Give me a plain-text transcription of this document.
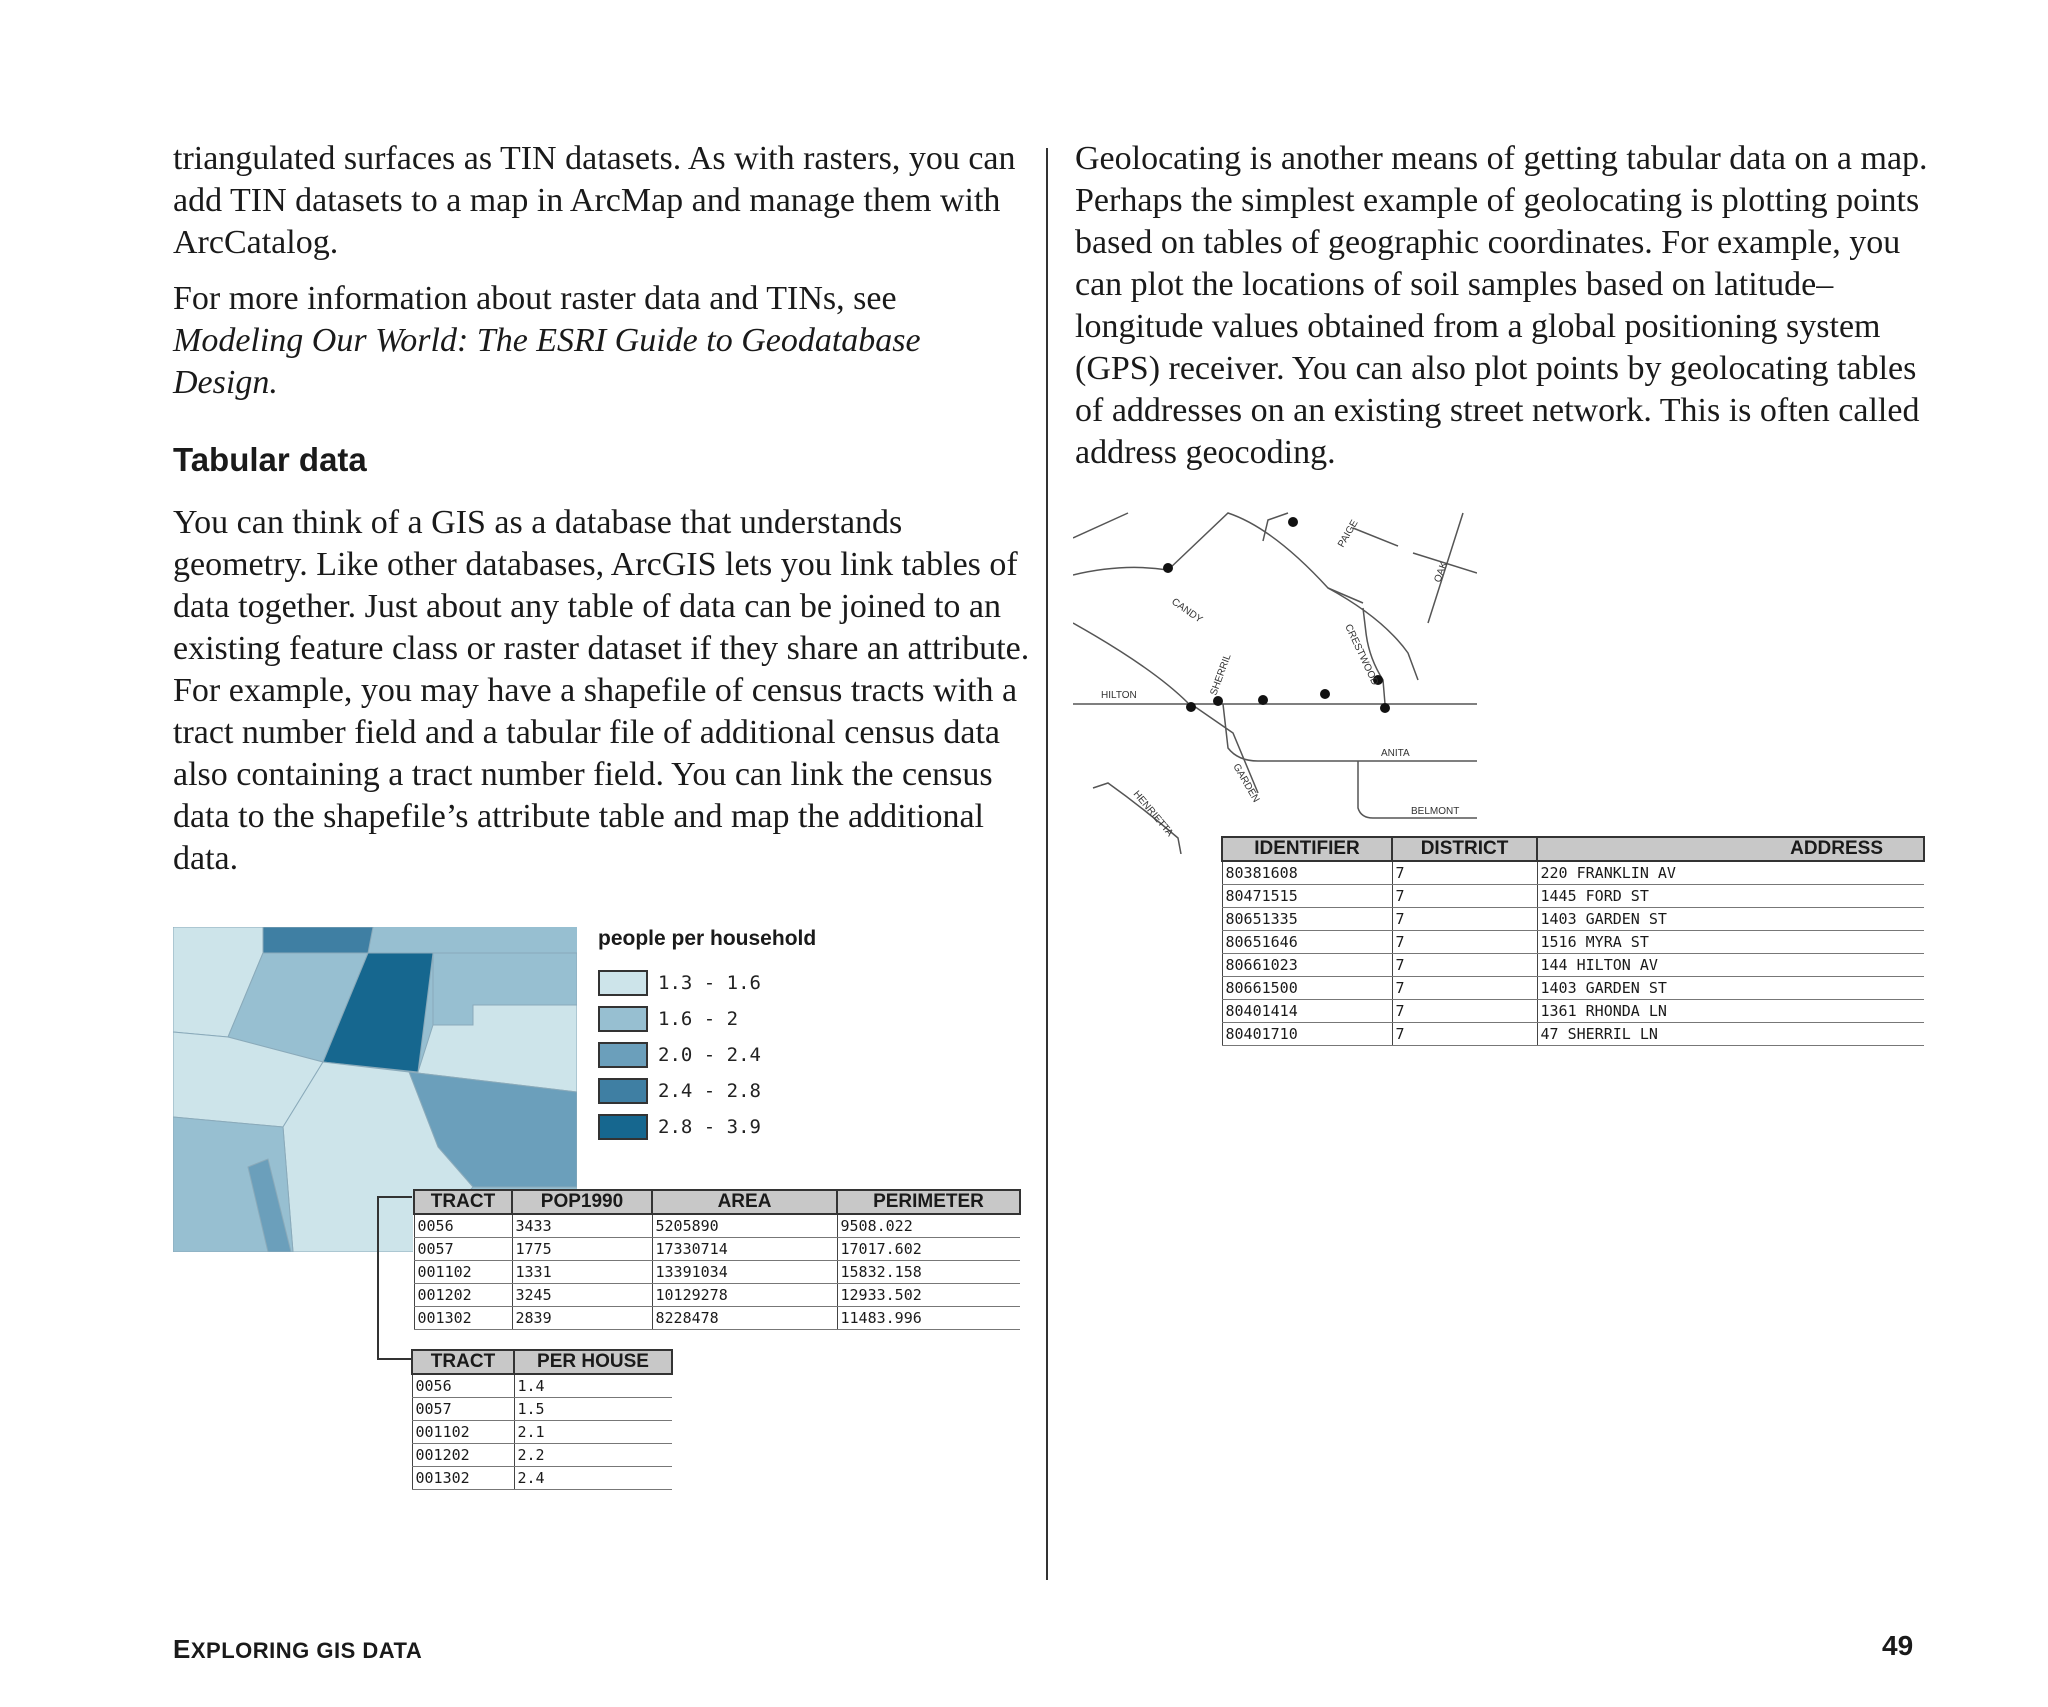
triangulated surfaces as TIN datasets. As with rasters, you can add TIN datasets to a map in ArcMap and manage them with ArcCatalog.

For more information about raster data and TINs, see Modeling Our World: The ESRI Guide to Geodatabase Design.

Tabular data

You can think of a GIS as a database that understands geometry. Like other databases, ArcGIS lets you link tables of data together. Just about any table of data can be joined to an existing feature class or raster dataset if they share an attribute. For example, you may have a shapefile of census tracts with a tract number field and a tabular file of additional census data also containing a tract number field. You can link the census data to the shapefile’s attribute table and map the additional data.

Geolocating is another means of getting tabular data on a map. Perhaps the simplest example of geolocating is plotting points based on tables of geographic coordinates. For example, you can plot the locations of soil samples based on latitude–longitude values obtained from a global positioning system (GPS) receiver. You can also plot points by geolocating tables of addresses on an existing street network. This is often called address geocoding.

people per household
1.3 - 1.6
1.6 - 2
2.0 - 2.4
2.4 - 2.8
2.8 - 3.9
TRACT	POP1990	AREA	PERIMETER
0056	3433	5205890	9508.022
0057	1775	17330714	17017.602
001102	1331	13391034	15832.158
001202	3245	10129278	12933.502
001302	2839	8228478	11483.996
TRACT	PER HOUSE
0056	1.4
0057	1.5
001102	2.1
001202	2.2
001302	2.4
PAIGE
OAK
CANDY
CRESTWOOD
SHERRIL
HILTON
ANITA
GARDEN
HENRIETTA	BELMONT
IDENTIFIER	DISTRICT	ADDRESS
80381608	7	220 FRANKLIN AV
80471515	7	1445 FORD ST
80651335	7	1403 GARDEN ST
80651646	7	1516 MYRA ST
80661023	7	144 HILTON AV
80661500	7	1403 GARDEN ST
80401414	7	1361 RHONDA LN
80401710	7	47 SHERRIL LN
EXPLORING GIS DATA	49
